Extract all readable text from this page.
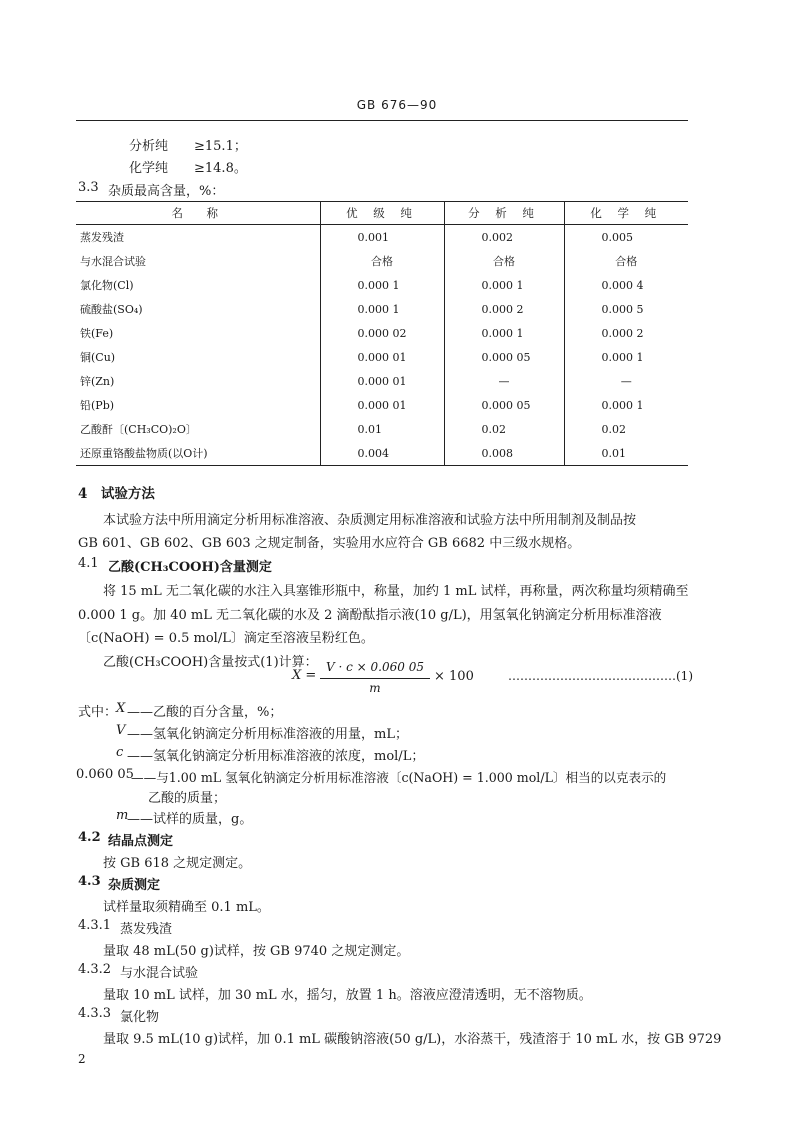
GB 676—90
分析纯 ≥15.1；
化学纯 ≥14.8。
3.3 杂质最高含量，%：
名　称	优 级 纯	分 析 纯	化 学 纯
蒸发残渣	0.001	0.002	0.005
与水混合试验	合格	合格	合格
氯化物(Cl)	0.000 1	0.000 1	0.000 4
硫酸盐(SO₄)	0.000 1	0.000 2	0.000 5
铁(Fe)	0.000 02	0.000 1	0.000 2
铜(Cu)	0.000 01	0.000 05	0.000 1
锌(Zn)	0.000 01	—	—
铅(Pb)	0.000 01	0.000 05	0.000 1
乙酸酐〔(CH₃CO)₂O〕	0.01	0.02	0.02
还原重铬酸盐物质(以O计)	0.004	0.008	0.01
4　试验方法
本试验方法中所用滴定分析用标准溶液、杂质测定用标准溶液和试验方法中所用制剂及制品按
GB 601、GB 602、GB 603 之规定制备，实验用水应符合 GB 6682 中三级水规格。
4.1 乙酸(CH₃COOH)含量测定
将 15 mL 无二氧化碳的水注入具塞锥形瓶中，称量，加约 1 mL 试样，再称量，两次称量均须精确至
0.000 1 g。加 40 mL 无二氧化碳的水及 2 滴酚酞指示液(10 g/L)，用氢氧化钠滴定分析用标准溶液
〔c(NaOH) = 0.5 mol/L〕滴定至溶液呈粉红色。
乙酸(CH₃COOH)含量按式(1)计算：
X =
V · c × 0.060 05
m
× 100	……………………………………(1)
式中：
X ——乙酸的百分含量，%；
V ——氢氧化钠滴定分析用标准溶液的用量，mL；
c ——氢氧化钠滴定分析用标准溶液的浓度，mol/L；
0.060 05
——与1.00 mL 氢氧化钠滴定分析用标准溶液〔c(NaOH) = 1.000 mol/L〕相当的以克表示的
乙酸的质量；
m
——试样的质量，g。
4.2 结晶点测定
按 GB 618 之规定测定。
4.3 杂质测定
试样量取须精确至 0.1 mL。
4.3.1 蒸发残渣
量取 48 mL(50 g)试样，按 GB 9740 之规定测定。
4.3.2 与水混合试验
量取 10 mL 试样，加 30 mL 水，摇匀，放置 1 h。溶液应澄清透明，无不溶物质。
4.3.3 氯化物
量取 9.5 mL(10 g)试样，加 0.1 mL 碳酸钠溶液(50 g/L)，水浴蒸干，残渣溶于 10 mL 水，按 GB 9729
2
